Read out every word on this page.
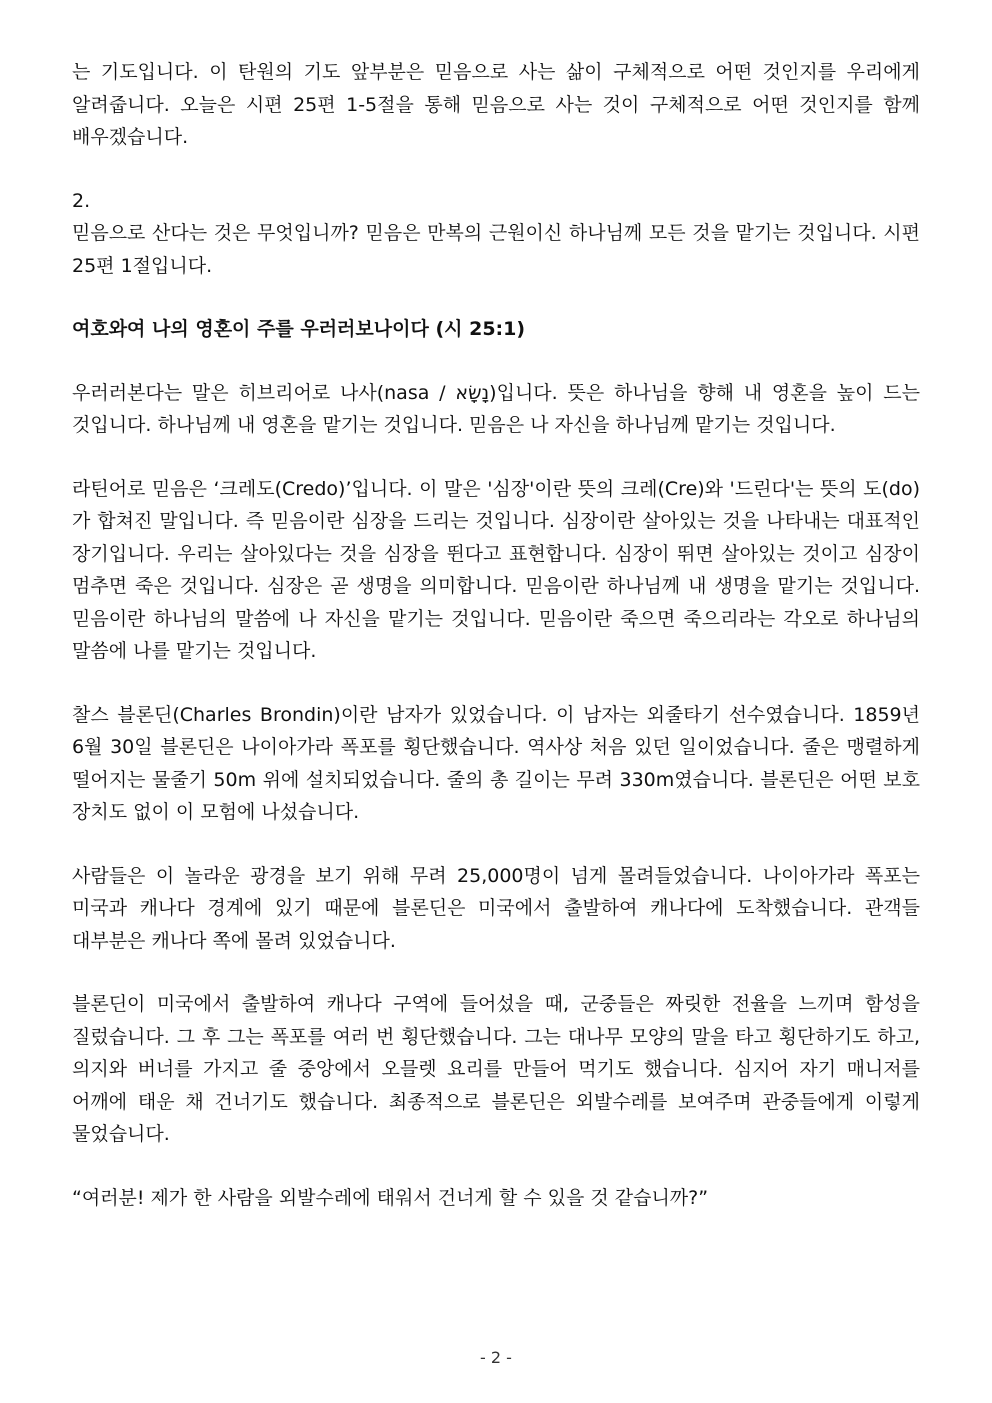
는 기도입니다. 이 탄원의 기도 앞부분은 믿음으로 사는 삶이 구체적으로 어떤 것인지를 우리에게 알려줍니다. 오늘은 시편 25편 1-5절을 통해 믿음으로 사는 것이 구체적으로 어떤 것인지를 함께 배우겠습니다.

2.
믿음으로 산다는 것은 무엇입니까? 믿음은 만복의 근원이신 하나님께 모든 것을 맡기는 것입니다. 시편 25편 1절입니다.

여호와여 나의 영혼이 주를 우러러보나이다 (시 25:1)

우러러본다는 말은 히브리어로 나사(nasa / נָשָׂא)입니다. 뜻은 하나님을 향해 내 영혼을 높이 드는 것입니다. 하나님께 내 영혼을 맡기는 것입니다. 믿음은 나 자신을 하나님께 맡기는 것입니다.

라틴어로 믿음은 ‘크레도(Credo)’입니다. 이 말은 '심장'이란 뜻의 크레(Cre)와 '드린다'는 뜻의 도(do)가 합쳐진 말입니다. 즉 믿음이란 심장을 드리는 것입니다. 심장이란 살아있는 것을 나타내는 대표적인 장기입니다. 우리는 살아있다는 것을 심장을 뛴다고 표현합니다. 심장이 뛰면 살아있는 것이고 심장이 멈추면 죽은 것입니다. 심장은 곧 생명을 의미합니다. 믿음이란 하나님께 내 생명을 맡기는 것입니다. 믿음이란 하나님의 말씀에 나 자신을 맡기는 것입니다. 믿음이란 죽으면 죽으리라는 각오로 하나님의 말씀에 나를 맡기는 것입니다.

찰스 블론딘(Charles Brondin)이란 남자가 있었습니다. 이 남자는 외줄타기 선수였습니다. 1859년 6월 30일 블론딘은 나이아가라 폭포를 횡단했습니다. 역사상 처음 있던 일이었습니다. 줄은 맹렬하게 떨어지는 물줄기 50m 위에 설치되었습니다. 줄의 총 길이는 무려 330m였습니다. 블론딘은 어떤 보호 장치도 없이 이 모험에 나섰습니다.

사람들은 이 놀라운 광경을 보기 위해 무려 25,000명이 넘게 몰려들었습니다. 나이아가라 폭포는 미국과 캐나다 경계에 있기 때문에 블론딘은 미국에서 출발하여 캐나다에 도착했습니다. 관객들 대부분은 캐나다 쪽에 몰려 있었습니다.

블론딘이 미국에서 출발하여 캐나다 구역에 들어섰을 때, 군중들은 짜릿한 전율을 느끼며 함성을 질렀습니다. 그 후 그는 폭포를 여러 번 횡단했습니다. 그는 대나무 모양의 말을 타고 횡단하기도 하고, 의지와 버너를 가지고 줄 중앙에서 오믈렛 요리를 만들어 먹기도 했습니다. 심지어 자기 매니저를 어깨에 태운 채 건너기도 했습니다. 최종적으로 블론딘은 외발수레를 보여주며 관중들에게 이렇게 물었습니다.

“여러분! 제가 한 사람을 외발수레에 태워서 건너게 할 수 있을 것 같습니까?”

- 2 -
